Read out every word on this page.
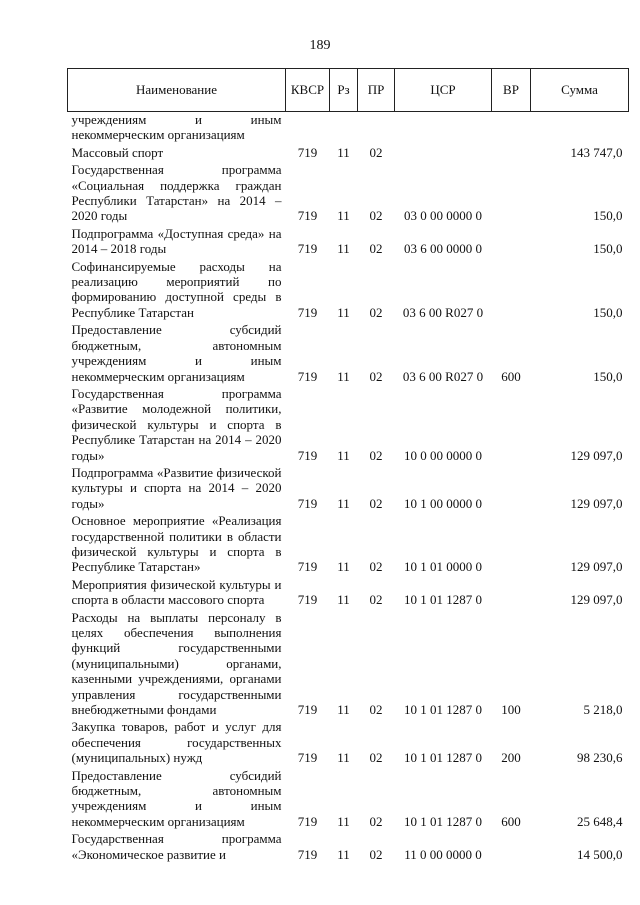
189
Наименование	КВСР	Рз	ПР	ЦСР	ВР	Сумма
учреждениям и иным некоммерческим организациям						
Массовый спорт	719	11	02			143 747,0
Государственная программа «Социальная поддержка граждан Республики Татарстан» на 2014 – 2020 годы	719	11	02	03 0 00 0000 0		150,0
Подпрограмма «Доступная среда» на 2014 – 2018 годы	719	11	02	03 6 00 0000 0		150,0
Софинансируемые расходы на реализацию мероприятий по формированию доступной среды в Республике Татарстан	719	11	02	03 6 00 R027 0		150,0
Предоставление субсидий бюджетным, автономным учреждениям и иным некоммерческим организациям	719	11	02	03 6 00 R027 0	600	150,0
Государственная программа «Развитие молодежной политики, физической культуры и спорта в Республике Татарстан на 2014 – 2020 годы»	719	11	02	10 0 00 0000 0		129 097,0
Подпрограмма «Развитие физической культуры и спорта на 2014 – 2020 годы»	719	11	02	10 1 00 0000 0		129 097,0
Основное мероприятие «Реализация государственной политики в области физической культуры и спорта в Республике Татарстан»	719	11	02	10 1 01 0000 0		129 097,0
Мероприятия физической культуры и спорта в области массового спорта	719	11	02	10 1 01 1287 0		129 097,0
Расходы на выплаты персоналу в целях обеспечения выполнения функций государственными (муниципальными) органами, казенными учреждениями, органами управления государственными внебюджетными фондами	719	11	02	10 1 01 1287 0	100	5 218,0
Закупка товаров, работ и услуг для обеспечения государственных (муниципальных) нужд	719	11	02	10 1 01 1287 0	200	98 230,6
Предоставление субсидий бюджетным, автономным учреждениям и иным некоммерческим организациям	719	11	02	10 1 01 1287 0	600	25 648,4
Государственная программа «Экономическое развитие и	719	11	02	11 0 00 0000 0		14 500,0
